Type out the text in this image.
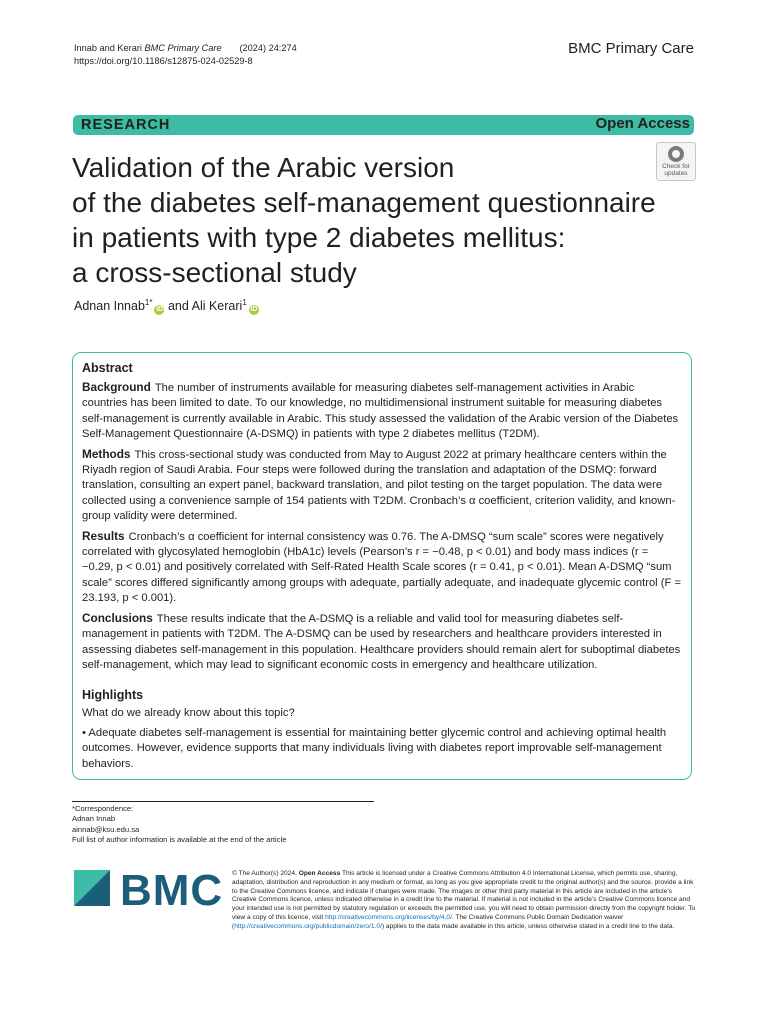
Innab and Kerari BMC Primary Care (2024) 24:274
https://doi.org/10.1186/s12875-024-02529-8
BMC Primary Care
RESEARCH	Open Access
Validation of the Arabic version
of the diabetes self-management questionnaire
in patients with type 2 diabetes mellitus:
a cross-sectional study
Check for
updates
Adnan Innab$^{1*}$iD and Ali Kerari$^1$iD
Abstract

Background The number of instruments available for measuring diabetes self-management activities in Arabic countries has been limited to date. To our knowledge, no multidimensional instrument suitable for measuring diabetes self-management is currently available in Arabic. This study assessed the validation of the Arabic version of the Diabetes Self-Management Questionnaire (A-DSMQ) in patients with type 2 diabetes mellitus (T2DM).

Methods This cross-sectional study was conducted from May to August 2022 at primary healthcare centers within the Riyadh region of Saudi Arabia. Four steps were followed during the translation and adaptation of the DSMQ: forward translation, consulting an expert panel, backward translation, and pilot testing on the target population. The data were collected using a convenience sample of 154 patients with T2DM. Cronbach’s α coefficient, criterion validity, and known-group validity were determined.

Results Cronbach’s α coefficient for internal consistency was 0.76. The A-DMSQ “sum scale” scores were negatively correlated with glycosylated hemoglobin (HbA1c) levels (Pearson’s r = −0.48, p < 0.01) and body mass indices (r = −0.29, p < 0.01) and positively correlated with Self-Rated Health Scale scores (r = 0.41, p < 0.01). Mean A-DSMQ “sum scale” scores differed significantly among groups with adequate, partially adequate, and inadequate glycemic control (F = 23.193, p < 0.001).

Conclusions These results indicate that the A-DSMQ is a reliable and valid tool for measuring diabetes self-management in patients with T2DM. The A-DSMQ can be used by researchers and healthcare providers interested in assessing diabetes self-management in this population. Healthcare providers should remain alert for suboptimal diabetes self-management, which may lead to significant economic costs in emergency and healthcare utilization.

Highlights

What do we already know about this topic?

• Adequate diabetes self-management is essential for maintaining better glycemic control and achieving optimal health outcomes. However, evidence supports that many individuals living with diabetes report improvable self-management behaviors.

*Correspondence:
Adnan Innab
ainnab@ksu.edu.sa
Full list of author information is available at the end of the article
BMC © The Author(s) 2024. Open Access This article is licensed under a Creative Commons Attribution 4.0 International License, which permits use, sharing, adaptation, distribution and reproduction in any medium or format, as long as you give appropriate credit to the original author(s) and the source, provide a link to the Creative Commons licence, and indicate if changes were made. The images or other third party material in this article are included in the article’s Creative Commons licence, unless indicated otherwise in a credit line to the material. If material is not included in the article’s Creative Commons licence and your intended use is not permitted by statutory regulation or exceeds the permitted use, you will need to obtain permission directly from the copyright holder. To view a copy of this licence, visit http://creativecommons.org/licenses/by/4.0/. The Creative Commons Public Domain Dedication waiver (http://creativecommons.org/publicdomain/zero/1.0/) applies to the data made available in this article, unless otherwise stated in a credit line to the data.
